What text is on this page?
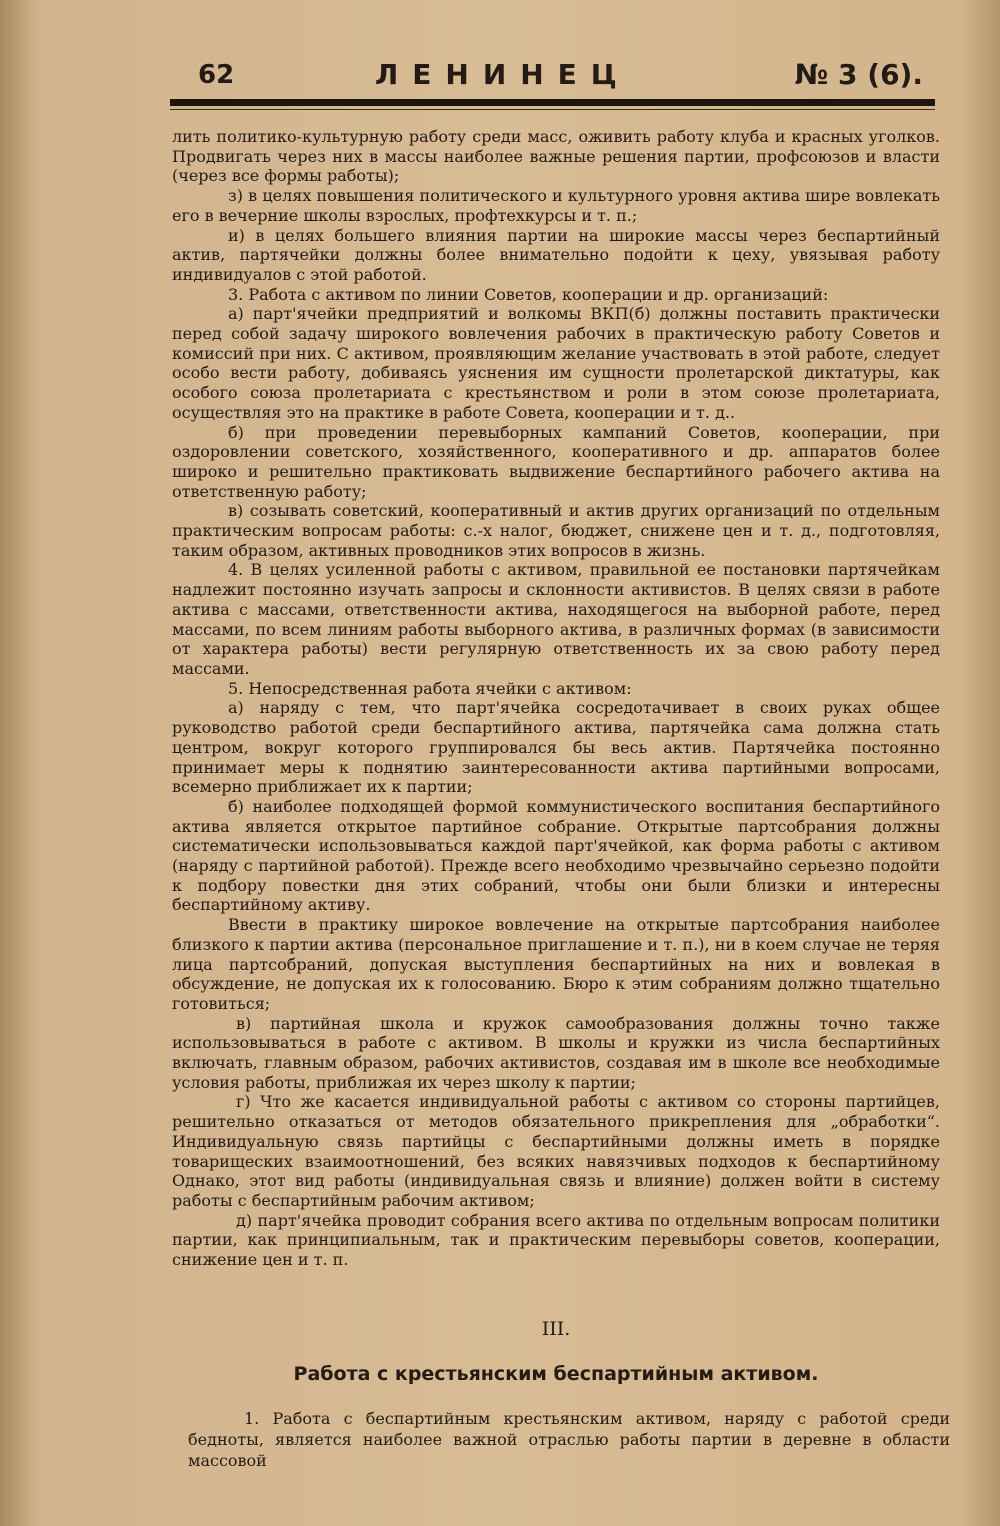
62	ЛЕНИНЕЦ	№ 3 (6).

лить политико-культурную работу среди масс, оживить работу клуба и красных уголков. Продвигать через них в массы наиболее важные решения партии, профсоюзов и власти (через все формы работы);

з) в целях повышения политического и культурного уровня актива шире вовлекать его в вечерние школы взрослых, профтехкурсы и т. п.;

и) в целях большего влияния партии на широкие массы через беспартийный актив, партячейки должны более внимательно подойти к цеху, увязывая работу индивидуалов с этой работой.

3. Работа с активом по линии Советов, кооперации и др. организаций:

а) парт'ячейки предприятий и волкомы ВКП(б) должны поставить практически перед собой задачу широкого вовлечения рабочих в практическую работу Советов и комиссий при них. С активом, проявляющим желание участвовать в этой работе, следует особо вести работу, добиваясь уяснения им сущности пролетарской диктатуры, как особого союза пролетариата с крестьянством и роли в этом союзе пролетариата, осуществляя это на практике в работе Совета, кооперации и т. д..

б) при проведении перевыборных кампаний Советов, кооперации, при оздоровлении советского, хозяйственного, кооперативного и др. аппаратов более широко и решительно практиковать выдвижение беспартийного рабочего актива на ответственную работу;

в) созывать советский, кооперативный и актив других организаций по отдельным практическим вопросам работы: с.-х налог, бюджет, снижене цен и т. д., подготовляя, таким образом, активных проводников этих вопросов в жизнь.

4. В целях усиленной работы с активом, правильной ее постановки партячейкам надлежит постоянно изучать запросы и склонности активистов. В целях связи в работе актива с массами, ответственности актива, находящегося на выборной работе, перед массами, по всем линиям работы выборного актива, в различных формах (в зависимости от характера работы) вести регулярную ответственность их за свою работу перед массами.

5. Непосредственная работа ячейки с активом:

а) наряду с тем, что парт'ячейка сосредотачивает в своих руках общее руководство работой среди беспартийного актива, партячейка сама должна стать центром, вокруг которого группировался бы весь актив. Партячейка постоянно принимает меры к поднятию заинтересованности актива партийными вопросами, всемерно приближает их к партии;

б) наиболее подходящей формой коммунистического воспитания беспартийного актива является открытое партийное собрание. Открытые партсобрания должны систематически использовываться каждой парт'ячейкой, как форма работы с активом (наряду с партийной работой). Прежде всего необходимо чрезвычайно серьезно подойти к подбору повестки дня этих собраний, чтобы они были близки и интересны беспартийному активу.

Ввести в практику широкое вовлечение на открытые партсобрания наиболее близкого к партии актива (персональное приглашение и т. п.), ни в коем случае не теряя лица партсобраний, допуская выступления беспартийных на них и вовлекая в обсуждение, не допуская их к голосованию. Бюро к этим собраниям должно тщательно готовиться;

в) партийная школа и кружок самообразования должны точно также использовываться в работе с активом. В школы и кружки из числа беспартийных включать, главным образом, рабочих активистов, создавая им в школе все необходимые условия работы, приближая их через школу к партии;

г) Что же касается индивидуальной работы с активом со стороны партийцев, решительно отказаться от методов обязательного прикрепления для „обработки“. Индивидуальную связь партийцы с беспартийными должны иметь в порядке товарищеских взаимоотношений, без всяких навязчивых подходов к беспартийному Однако, этот вид работы (индивидуальная связь и влияние) должен войти в систему работы с беспартийным рабочим активом;

д) парт'ячейка проводит собрания всего актива по отдельным вопросам политики партии, как принципиальным, так и практическим перевыборы советов, кооперации, снижение цен и т. п.

III.
Работа с крестьянским беспартийным активом.

1. Работа с беспартийным крестьянским активом, наряду с работой среди бедноты, является наиболее важной отраслью работы партии в деревне в области массовой
